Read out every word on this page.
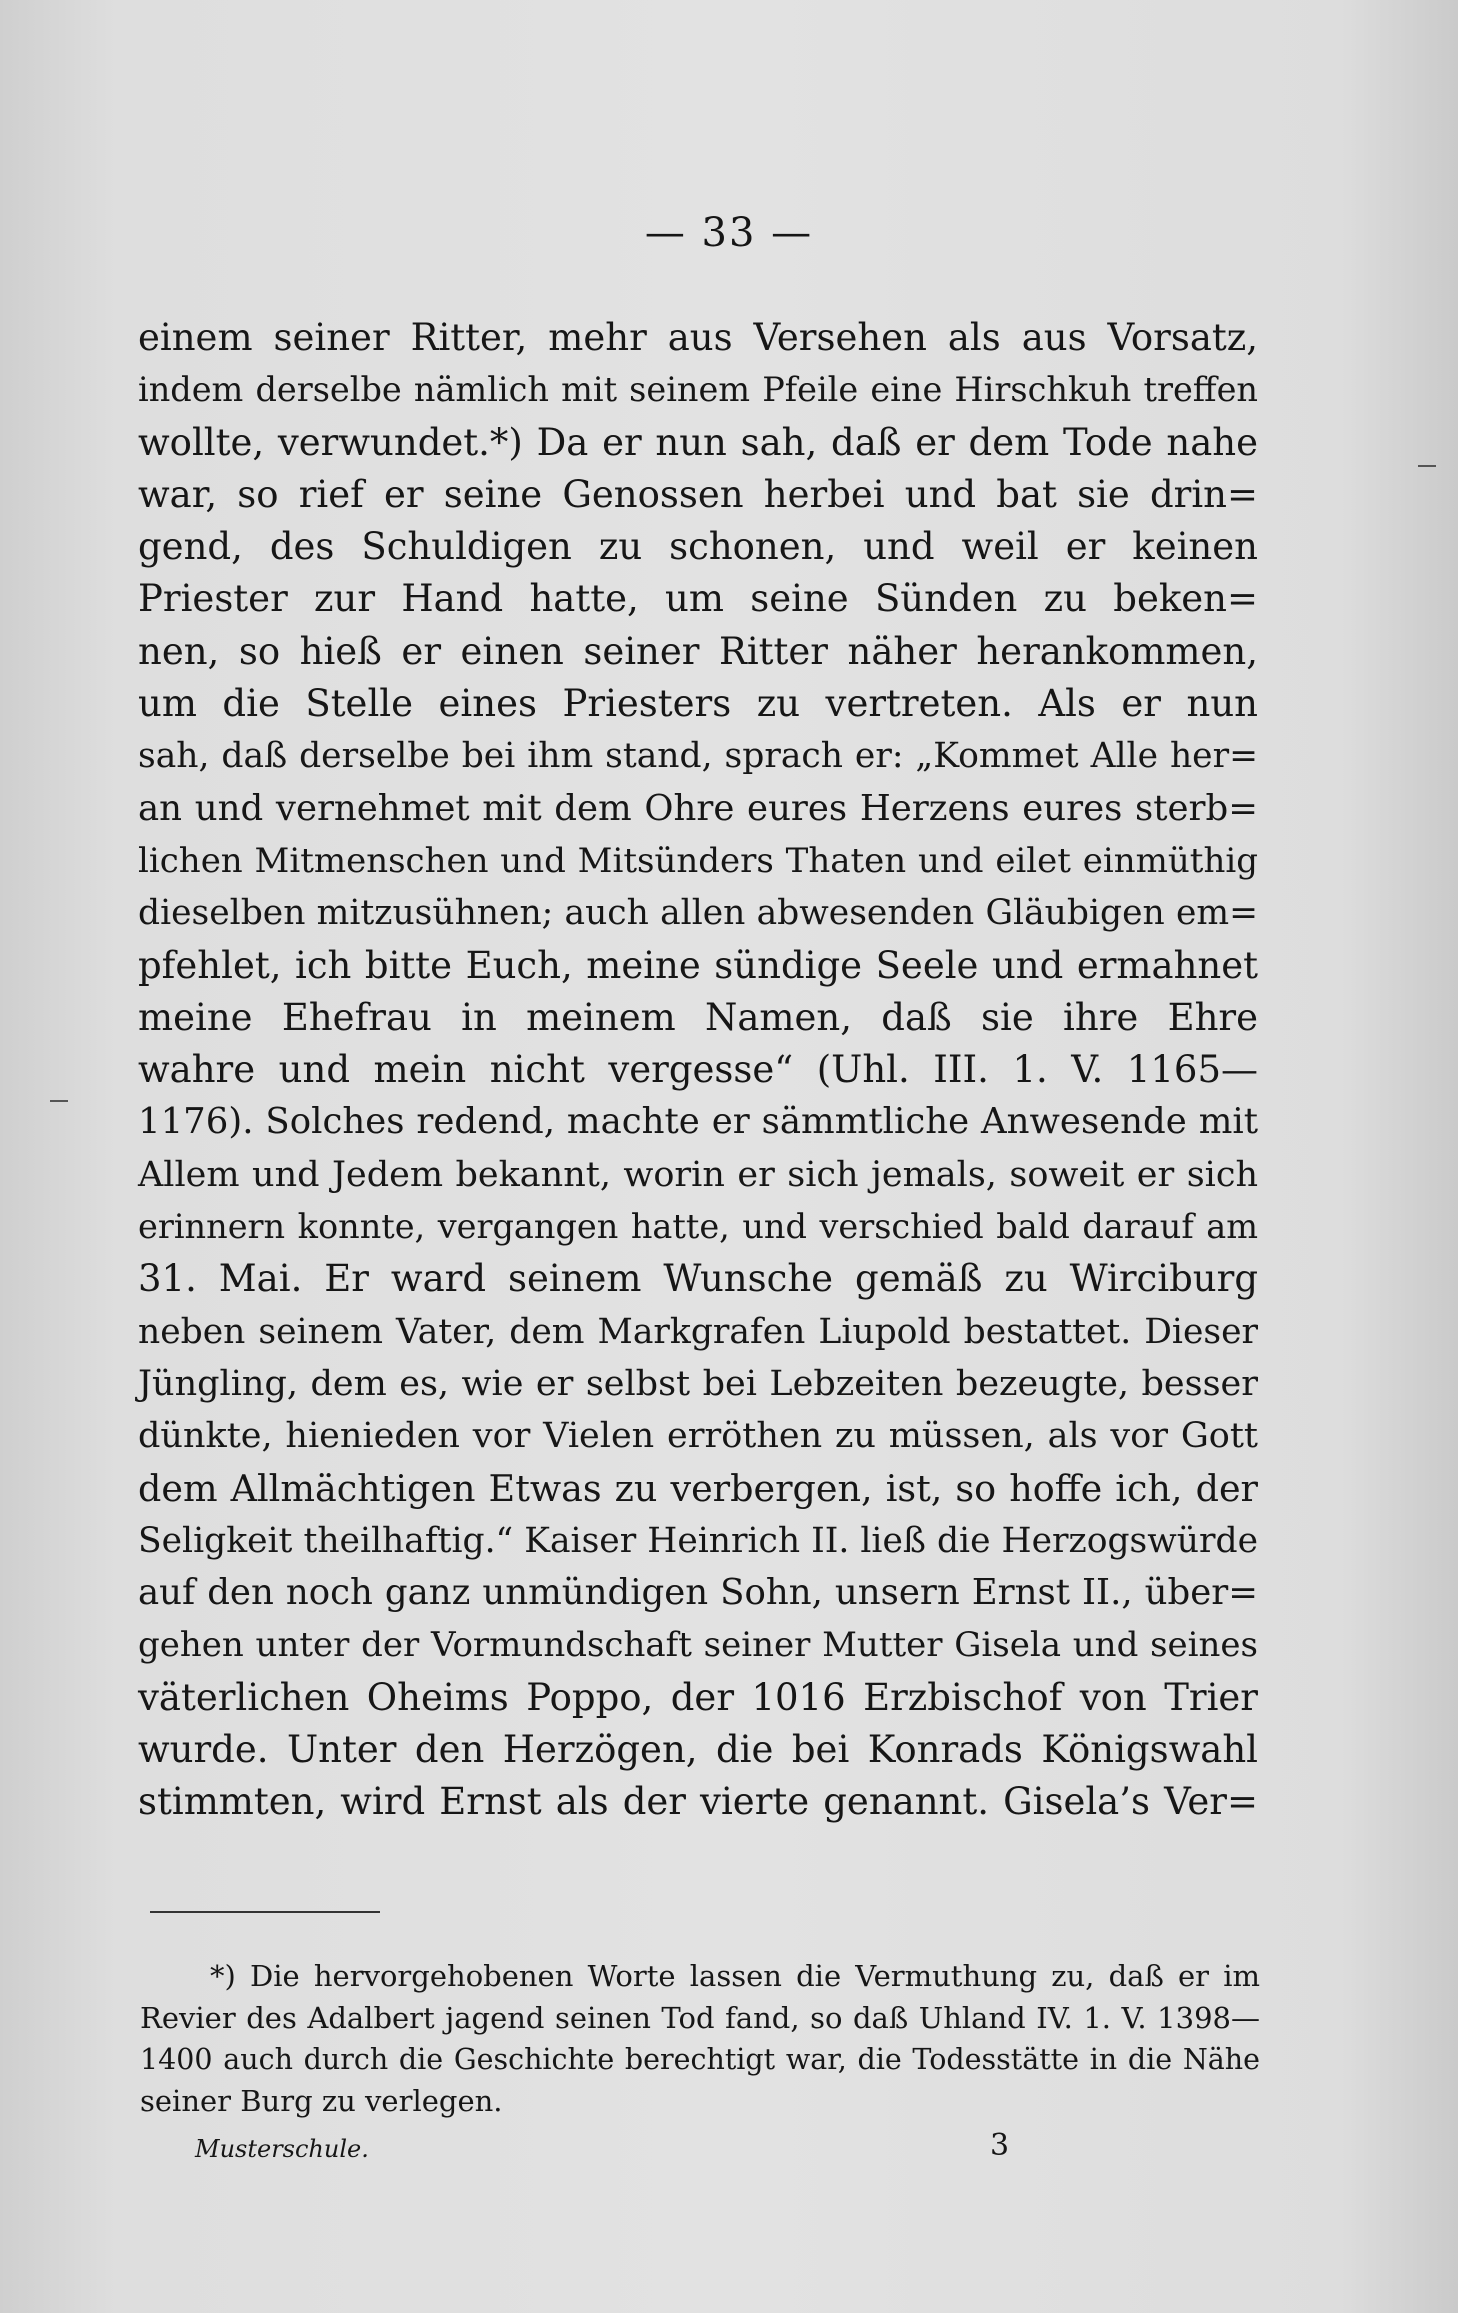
— 33 —
einem seiner Ritter, mehr aus Versehen als aus Vorsatz,
indem derselbe nämlich mit seinem Pfeile eine Hirschkuh treffen
wollte, verwundet.*) Da er nun sah, daß er dem Tode nahe
war, so rief er seine Genossen herbei und bat sie drin=
gend, des Schuldigen zu schonen, und weil er keinen
Priester zur Hand hatte, um seine Sünden zu beken=
nen, so hieß er einen seiner Ritter näher herankommen,
um die Stelle eines Priesters zu vertreten. Als er nun
sah, daß derselbe bei ihm stand, sprach er: „Kommet Alle her=
an und vernehmet mit dem Ohre eures Herzens eures sterb=
lichen Mitmenschen und Mitsünders Thaten und eilet einmüthig
dieselben mitzusühnen; auch allen abwesenden Gläubigen em=
pfehlet, ich bitte Euch, meine sündige Seele und ermahnet
meine Ehefrau in meinem Namen, daß sie ihre Ehre
wahre und mein nicht vergesse“ (Uhl. III. 1. V. 1165—
1176). Solches redend, machte er sämmtliche Anwesende mit
Allem und Jedem bekannt, worin er sich jemals, soweit er sich
erinnern konnte, vergangen hatte, und verschied bald darauf am
31. Mai. Er ward seinem Wunsche gemäß zu Wirciburg
neben seinem Vater, dem Markgrafen Liupold bestattet. Dieser
Jüngling, dem es, wie er selbst bei Lebzeiten bezeugte, besser
dünkte, hienieden vor Vielen erröthen zu müssen, als vor Gott
dem Allmächtigen Etwas zu verbergen, ist, so hoffe ich, der
Seligkeit theilhaftig.“ Kaiser Heinrich II. ließ die Herzogswürde
auf den noch ganz unmündigen Sohn, unsern Ernst II., über=
gehen unter der Vormundschaft seiner Mutter Gisela und seines
väterlichen Oheims Poppo, der 1016 Erzbischof von Trier
wurde. Unter den Herzögen, die bei Konrads Königswahl
stimmten, wird Ernst als der vierte genannt. Gisela’s Ver=
*) Die hervorgehobenen Worte lassen die Vermuthung zu, daß er im
Revier des Adalbert jagend seinen Tod fand, so daß Uhland IV. 1. V. 1398—
1400 auch durch die Geschichte berechtigt war, die Todesstätte in die Nähe
seiner Burg zu verlegen.
Musterschule.	3
